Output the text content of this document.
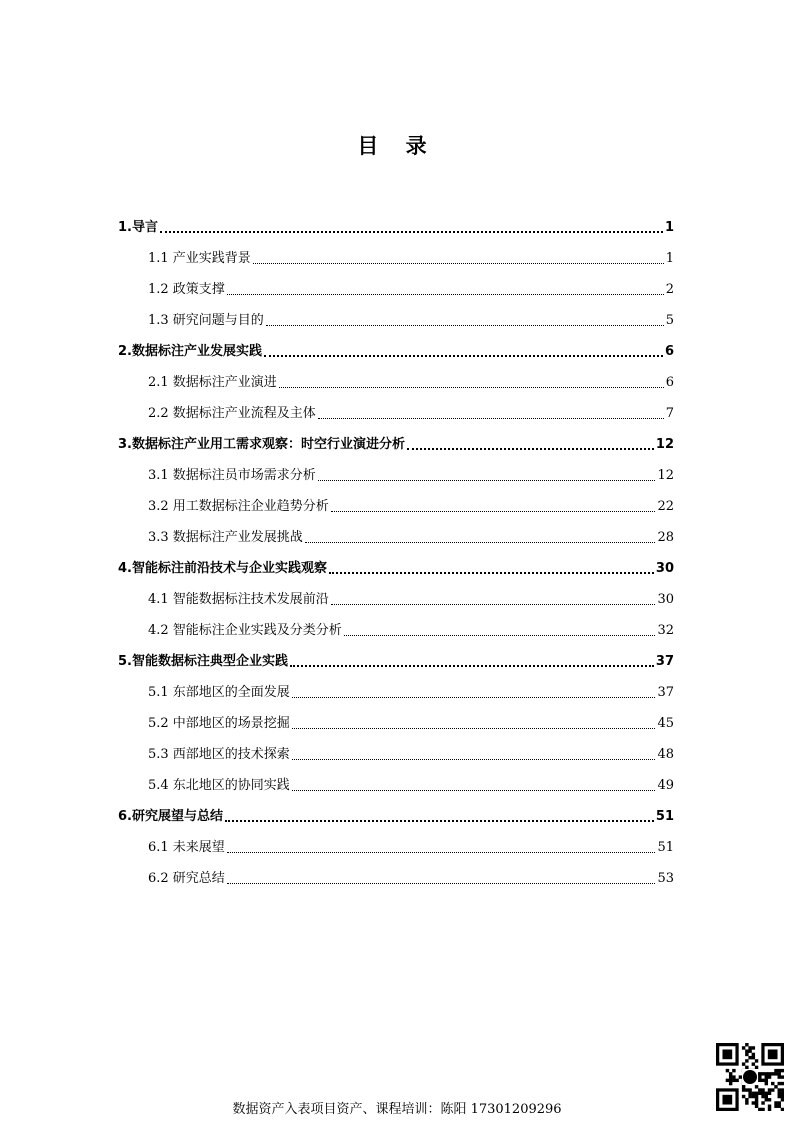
目 录
1.导言	1
1.1 产业实践背景	1
1.2 政策支撑	2
1.3 研究问题与目的	5
2.数据标注产业发展实践	6
2.1 数据标注产业演进	6
2.2 数据标注产业流程及主体	7
3.数据标注产业用工需求观察：时空行业演进分析	12
3.1 数据标注员市场需求分析	12
3.2 用工数据标注企业趋势分析	22
3.3 数据标注产业发展挑战	28
4.智能标注前沿技术与企业实践观察	30
4.1 智能数据标注技术发展前沿	30
4.2 智能标注企业实践及分类分析	32
5.智能数据标注典型企业实践	37
5.1 东部地区的全面发展	37
5.2 中部地区的场景挖掘	45
5.3 西部地区的技术探索	48
5.4 东北地区的协同实践	49
6.研究展望与总结	51
6.1 未来展望	51
6.2 研究总结	53
数据资产入表项目资产、课程培训：陈阳 17301209296
